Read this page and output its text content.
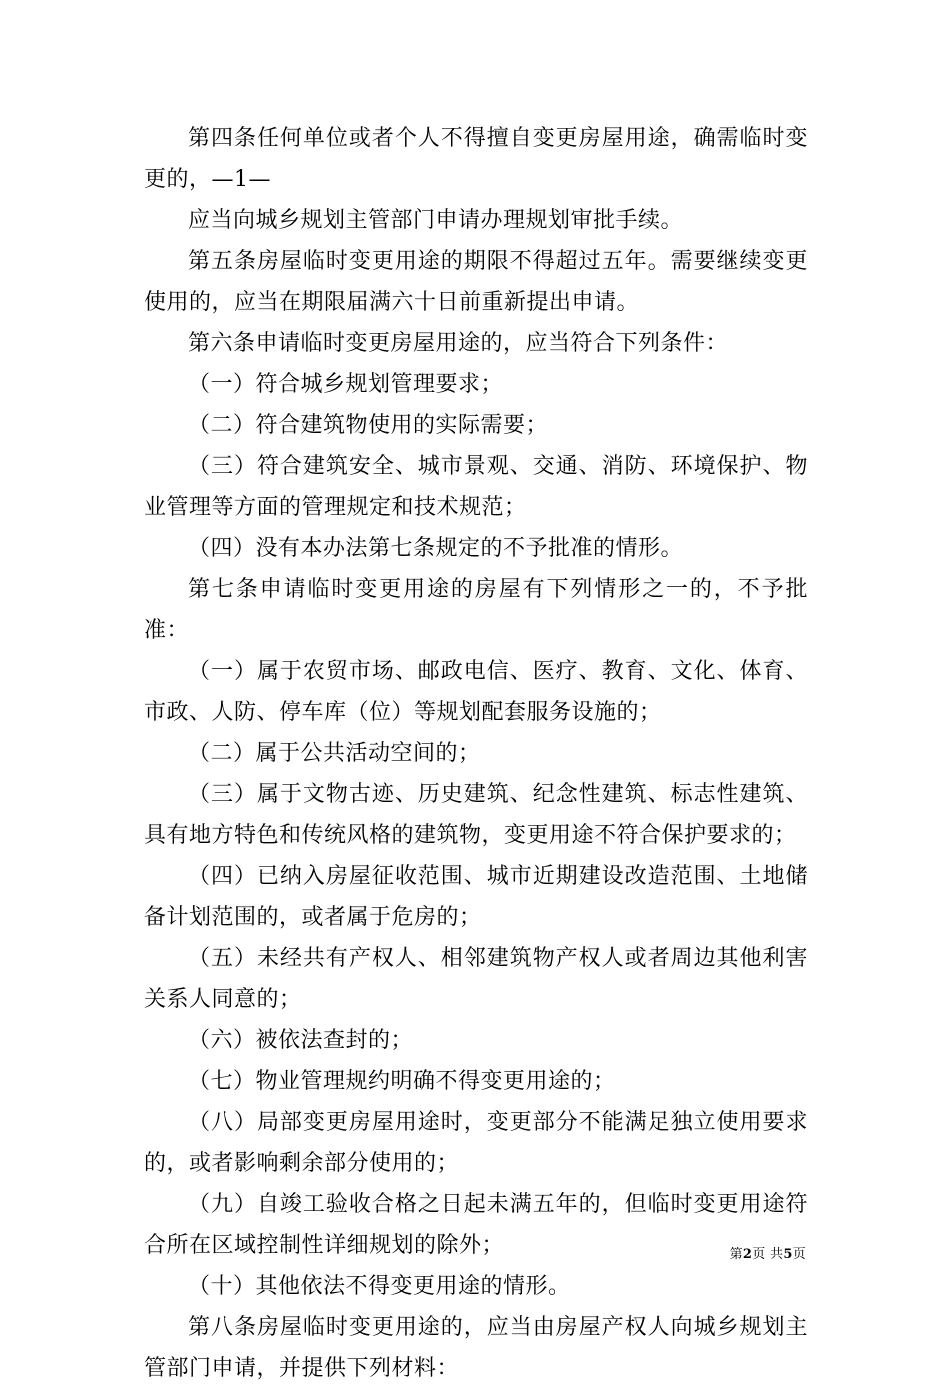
第四条任何单位或者个人不得擅自变更房屋用途，确需临时变更的，—1—

应当向城乡规划主管部门申请办理规划审批手续。

第五条房屋临时变更用途的期限不得超过五年。需要继续变更使用的，应当在期限届满六十日前重新提出申请。

第六条申请临时变更房屋用途的，应当符合下列条件：

（一）符合城乡规划管理要求；

（二）符合建筑物使用的实际需要；

（三）符合建筑安全、城市景观、交通、消防、环境保护、物业管理等方面的管理规定和技术规范；

（四）没有本办法第七条规定的不予批准的情形。

第七条申请临时变更用途的房屋有下列情形之一的，不予批准：

（一）属于农贸市场、邮政电信、医疗、教育、文化、体育、市政、人防、停车库（位）等规划配套服务设施的；

（二）属于公共活动空间的；

（三）属于文物古迹、历史建筑、纪念性建筑、标志性建筑、具有地方特色和传统风格的建筑物，变更用途不符合保护要求的；

（四）已纳入房屋征收范围、城市近期建设改造范围、土地储备计划范围的，或者属于危房的；

（五）未经共有产权人、相邻建筑物产权人或者周边其他利害关系人同意的；

（六）被依法查封的；

（七）物业管理规约明确不得变更用途的；

（八）局部变更房屋用途时，变更部分不能满足独立使用要求的，或者影响剩余部分使用的；

（九）自竣工验收合格之日起未满五年的，但临时变更用途符合所在区域控制性详细规划的除外；

（十）其他依法不得变更用途的情形。

第八条房屋临时变更用途的，应当由房屋产权人向城乡规划主管部门申请，并提供下列材料：

第2页 共5页
